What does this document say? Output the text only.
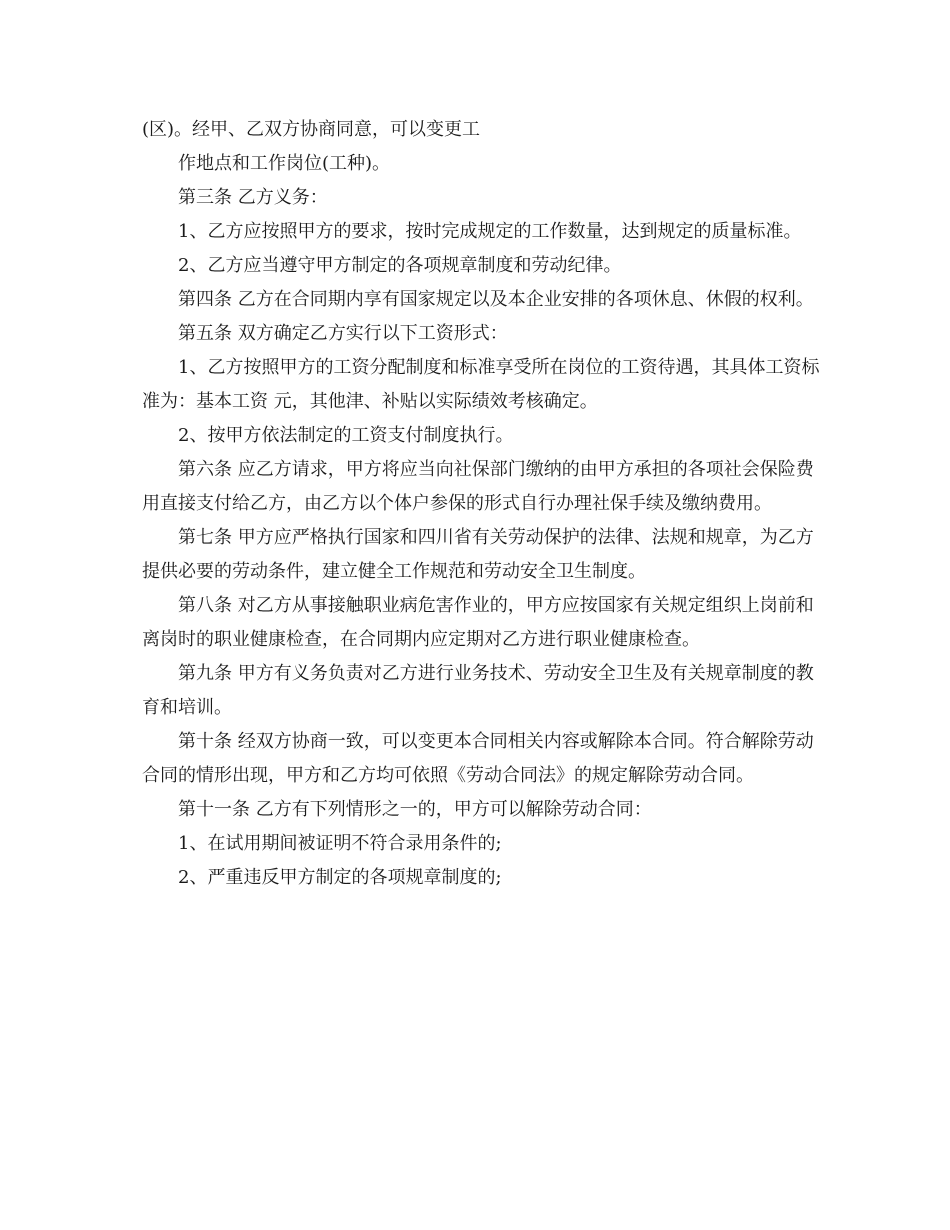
(区)。经甲、乙双方协商同意，可以变更工

作地点和工作岗位(工种)。

第三条 乙方义务：

1、乙方应按照甲方的要求，按时完成规定的工作数量，达到规定的质量标准。

2、乙方应当遵守甲方制定的各项规章制度和劳动纪律。

第四条 乙方在合同期内享有国家规定以及本企业安排的各项休息、休假的权利。

第五条 双方确定乙方实行以下工资形式：

1、乙方按照甲方的工资分配制度和标准享受所在岗位的工资待遇，其具体工资标准为：基本工资 元，其他津、补贴以实际绩效考核确定。

2、按甲方依法制定的工资支付制度执行。

第六条 应乙方请求，甲方将应当向社保部门缴纳的由甲方承担的各项社会保险费用直接支付给乙方，由乙方以个体户参保的形式自行办理社保手续及缴纳费用。

第七条 甲方应严格执行国家和四川省有关劳动保护的法律、法规和规章，为乙方提供必要的劳动条件，建立健全工作规范和劳动安全卫生制度。

第八条 对乙方从事接触职业病危害作业的，甲方应按国家有关规定组织上岗前和离岗时的职业健康检查，在合同期内应定期对乙方进行职业健康检查。

第九条 甲方有义务负责对乙方进行业务技术、劳动安全卫生及有关规章制度的教育和培训。

第十条 经双方协商一致，可以变更本合同相关内容或解除本合同。符合解除劳动合同的情形出现，甲方和乙方均可依照《劳动合同法》的规定解除劳动合同。

第十一条 乙方有下列情形之一的，甲方可以解除劳动合同：

1、在试用期间被证明不符合录用条件的;

2、严重违反甲方制定的各项规章制度的;
